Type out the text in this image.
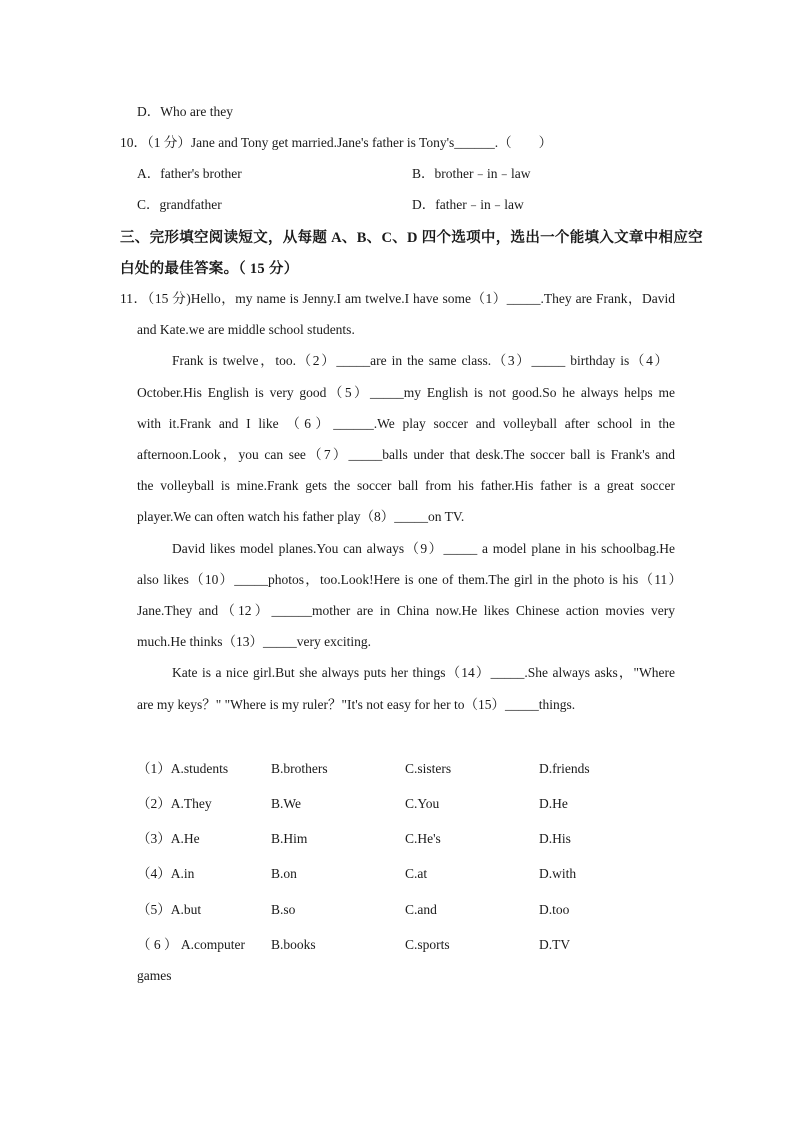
D．Who are they
10．（1 分）Jane and Tony get married.Jane's father is Tony's______.（　　）
A．father's brother	B．brother﹣in﹣law
C．grandfather	D．father﹣in﹣law
三、完形填空阅读短文，从每题 A、B、C、D 四个选项中，选出一个能填入文章中相应空
白处的最佳答案。（ 15 分）
11．（15 分)Hello，my name is Jenny.I am twelve.I have some（1）_____.They are Frank，David
and Kate.we are middle school students.
Frank is twelve，too.（2）_____are in the same class.（3）_____ birthday is（4）
October.His English is very good（5）_____my English is not good.So he always helps me
with it.Frank and I like （6）______.We play soccer and volleyball after school in the
afternoon.Look，you can see（7）_____balls under that desk.The soccer ball is Frank's and
the volleyball is mine.Frank gets the soccer ball from his father.His father is a great soccer
player.We can often watch his father play（8）_____on TV.
David likes model planes.You can always（9）_____ a model plane in his schoolbag.He
also likes（10）_____photos，too.Look!Here is one of them.The girl in the photo is his（11）
Jane.They and（12）______mother are in China now.He likes Chinese action movies very
much.He thinks（13）_____very exciting.
Kate is a nice girl.But she always puts her things（14）_____.She always asks，"Where
are my keys？" "Where is my ruler？"It's not easy for her to（15）_____things.
（1）A.students	B.brothers	C.sisters	D.friends
（2）A.They	B.We	C.You	D.He
（3）A.He	B.Him	C.He's	D.His
（4）A.in	B.on	C.at	D.with
（5）A.but	B.so	C.and	D.too
（ 6 ） A.computer B.books	C.sports	D.TV
games
